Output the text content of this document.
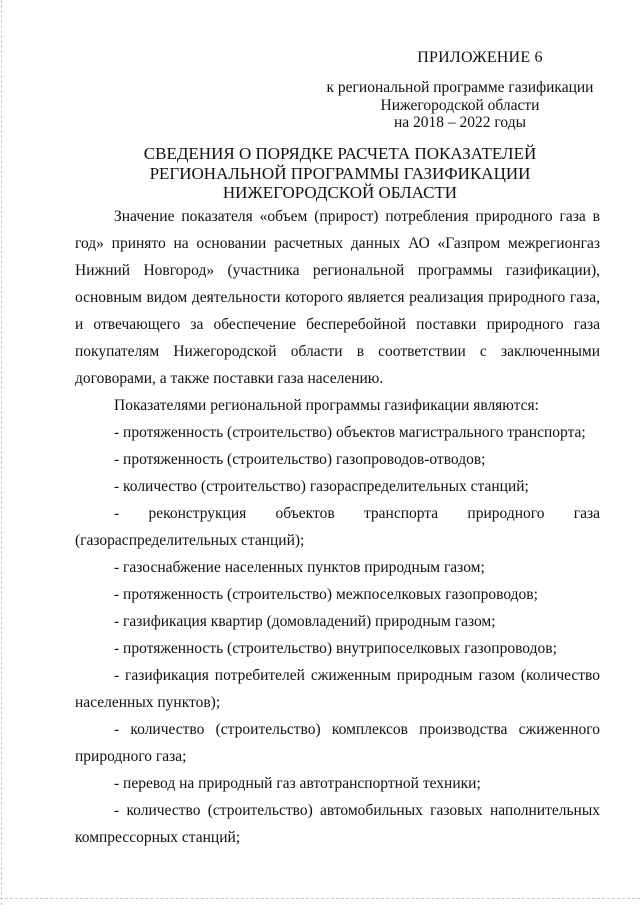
ПРИЛОЖЕНИЕ 6
к региональной программе газификации
Нижегородской области
на 2018 – 2022 годы
СВЕДЕНИЯ О ПОРЯДКЕ РАСЧЕТА ПОКАЗАТЕЛЕЙ
РЕГИОНАЛЬНОЙ ПРОГРАММЫ ГАЗИФИКАЦИИ
НИЖЕГОРОДСКОЙ ОБЛАСТИ
Значение показателя «объем (прирост) потребления природного газа в
год» принято на основании расчетных данных АО «Газпром межрегионгаз
Нижний Новгород» (участника региональной программы газификации),
основным видом деятельности которого является реализация природного газа,
и отвечающего за обеспечение бесперебойной поставки природного газа
покупателям Нижегородской области в соответствии с заключенными
договорами, а также поставки газа населению.
Показателями региональной программы газификации являются:
- протяженность (строительство) объектов магистрального транспорта;
- протяженность (строительство) газопроводов-отводов;
- количество (строительство) газораспределительных станций;
- реконструкция объектов транспорта природного газа
(газораспределительных станций);
- газоснабжение населенных пунктов природным газом;
- протяженность (строительство) межпоселковых газопроводов;
- газификация квартир (домовладений) природным газом;
- протяженность (строительство) внутрипоселковых газопроводов;
- газификация потребителей сжиженным природным газом (количество
населенных пунктов);
- количество (строительство) комплексов производства сжиженного
природного газа;
- перевод на природный газ автотранспортной техники;
- количество (строительство) автомобильных газовых наполнительных
компрессорных станций;
